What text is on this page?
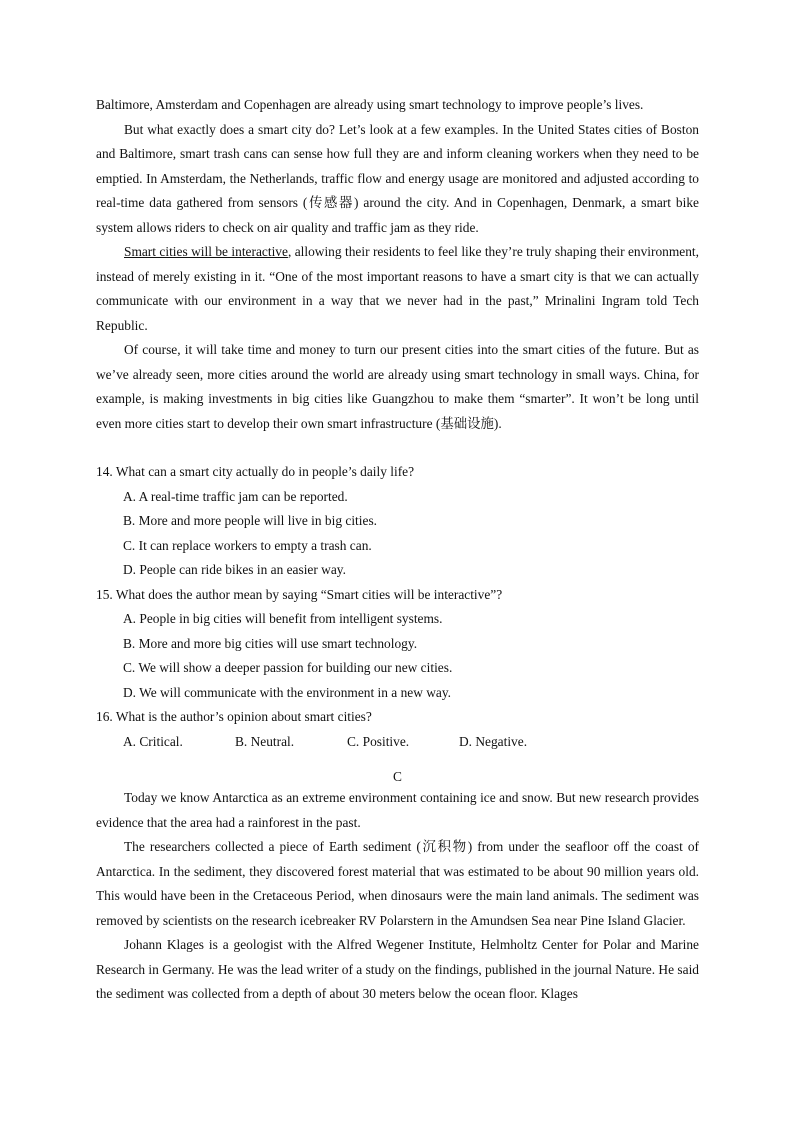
Baltimore, Amsterdam and Copenhagen are already using smart technology to improve people’s lives.

But what exactly does a smart city do? Let’s look at a few examples. In the United States cities of Boston and Baltimore, smart trash cans can sense how full they are and inform cleaning workers when they need to be emptied. In Amsterdam, the Netherlands, traffic flow and energy usage are monitored and adjusted according to real-time data gathered from sensors (传感器) around the city. And in Copenhagen, Denmark, a smart bike system allows riders to check on air quality and traffic jam as they ride.

Smart cities will be interactive, allowing their residents to feel like they’re truly shaping their environment, instead of merely existing in it. “One of the most important reasons to have a smart city is that we can actually communicate with our environment in a way that we never had in the past,” Mrinalini Ingram told Tech Republic.

Of course, it will take time and money to turn our present cities into the smart cities of the future. But as we’ve already seen, more cities around the world are already using smart technology in small ways. China, for example, is making investments in big cities like Guangzhou to make them “smarter”. It won’t be long until even more cities start to develop their own smart infrastructure (基础设施).

14. What can a smart city actually do in people’s daily life?

A. A real-time traffic jam can be reported.

B. More and more people will live in big cities.

C. It can replace workers to empty a trash can.

D. People can ride bikes in an easier way.

15. What does the author mean by saying “Smart cities will be interactive”?

A. People in big cities will benefit from intelligent systems.

B. More and more big cities will use smart technology.

C. We will show a deeper passion for building our new cities.

D. We will communicate with the environment in a new way.

16. What is the author’s opinion about smart cities?

A. Critical.	B. Neutral.	C. Positive.	D. Negative.

C

Today we know Antarctica as an extreme environment containing ice and snow. But new research provides evidence that the area had a rainforest in the past.

The researchers collected a piece of Earth sediment (沉积物) from under the seafloor off the coast of Antarctica. In the sediment, they discovered forest material that was estimated to be about 90 million years old. This would have been in the Cretaceous Period, when dinosaurs were the main land animals. The sediment was removed by scientists on the research icebreaker RV Polarstern in the Amundsen Sea near Pine Island Glacier.

Johann Klages is a geologist with the Alfred Wegener Institute, Helmholtz Center for Polar and Marine Research in Germany. He was the lead writer of a study on the findings, published in the journal Nature. He said the sediment was collected from a depth of about 30 meters below the ocean floor. Klages
